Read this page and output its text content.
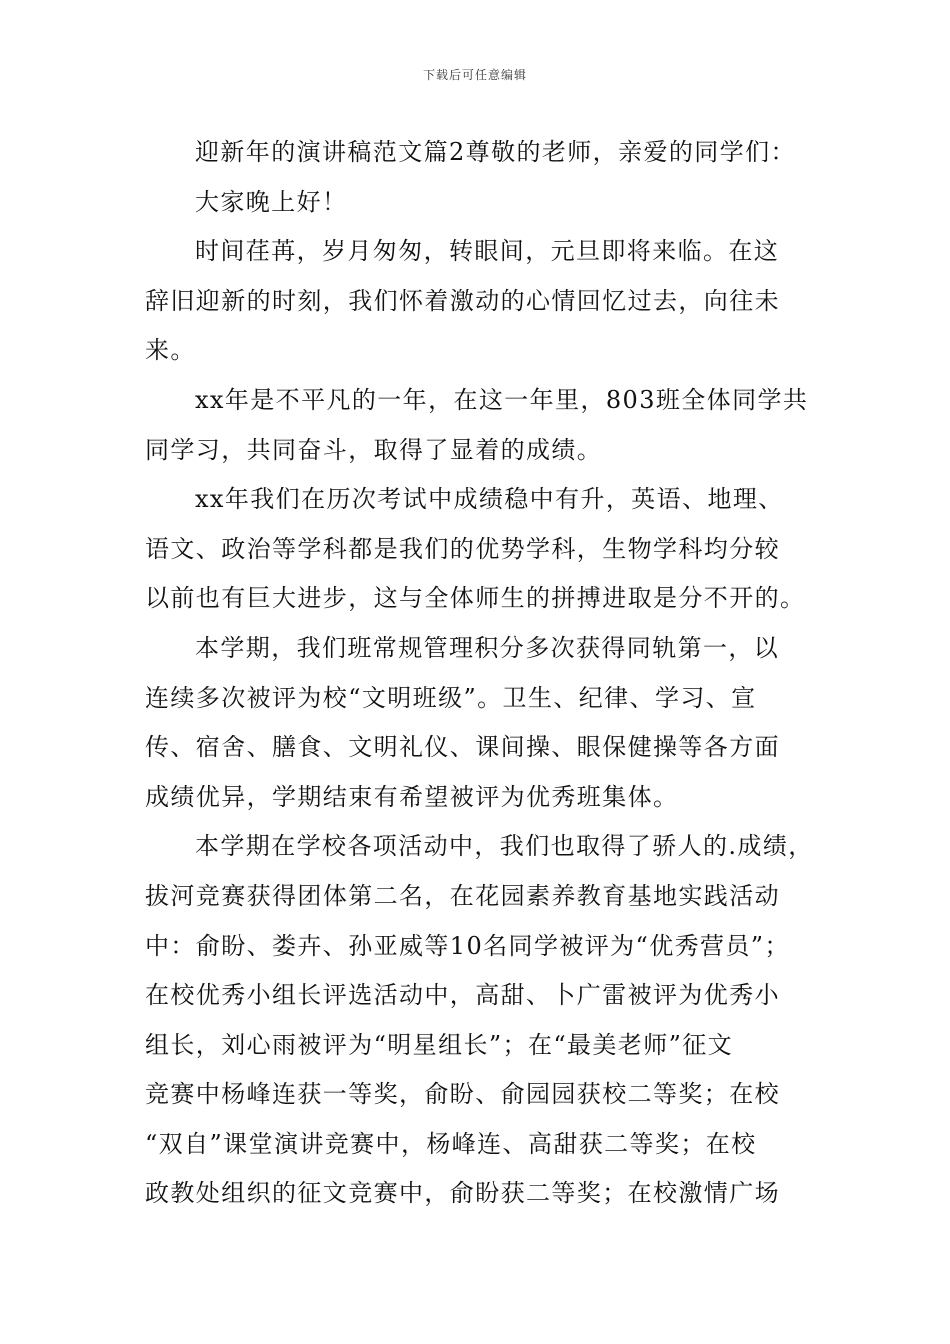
下载后可任意编辑
迎新年的演讲稿范文篇2尊敬的老师，亲爱的同学们：
大家晚上好！
时间荏苒，岁月匆匆，转眼间，元旦即将来临。在这
辞旧迎新的时刻，我们怀着激动的心情回忆过去，向往未
来。
xx年是不平凡的一年，在这一年里，803班全体同学共
同学习，共同奋斗，取得了显着的成绩。
xx年我们在历次考试中成绩稳中有升，英语、地理、
语文、政治等学科都是我们的优势学科，生物学科均分较
以前也有巨大进步，这与全体师生的拼搏进取是分不开的。
本学期，我们班常规管理积分多次获得同轨第一，以
连续多次被评为校“文明班级”。卫生、纪律、学习、宣
传、宿舍、膳食、文明礼仪、课间操、眼保健操等各方面
成绩优异，学期结束有希望被评为优秀班集体。
本学期在学校各项活动中，我们也取得了骄人的.成绩，
拔河竞赛获得团体第二名，在花园素养教育基地实践活动
中：俞盼、娄卉、孙亚威等10名同学被评为“优秀营员”；
在校优秀小组长评选活动中，高甜、卜广雷被评为优秀小
组长，刘心雨被评为“明星组长”；在“最美老师”征文
竞赛中杨峰连获一等奖，俞盼、俞园园获校二等奖；在校
“双自”课堂演讲竞赛中，杨峰连、高甜获二等奖；在校
政教处组织的征文竞赛中，俞盼获二等奖；在校激情广场
